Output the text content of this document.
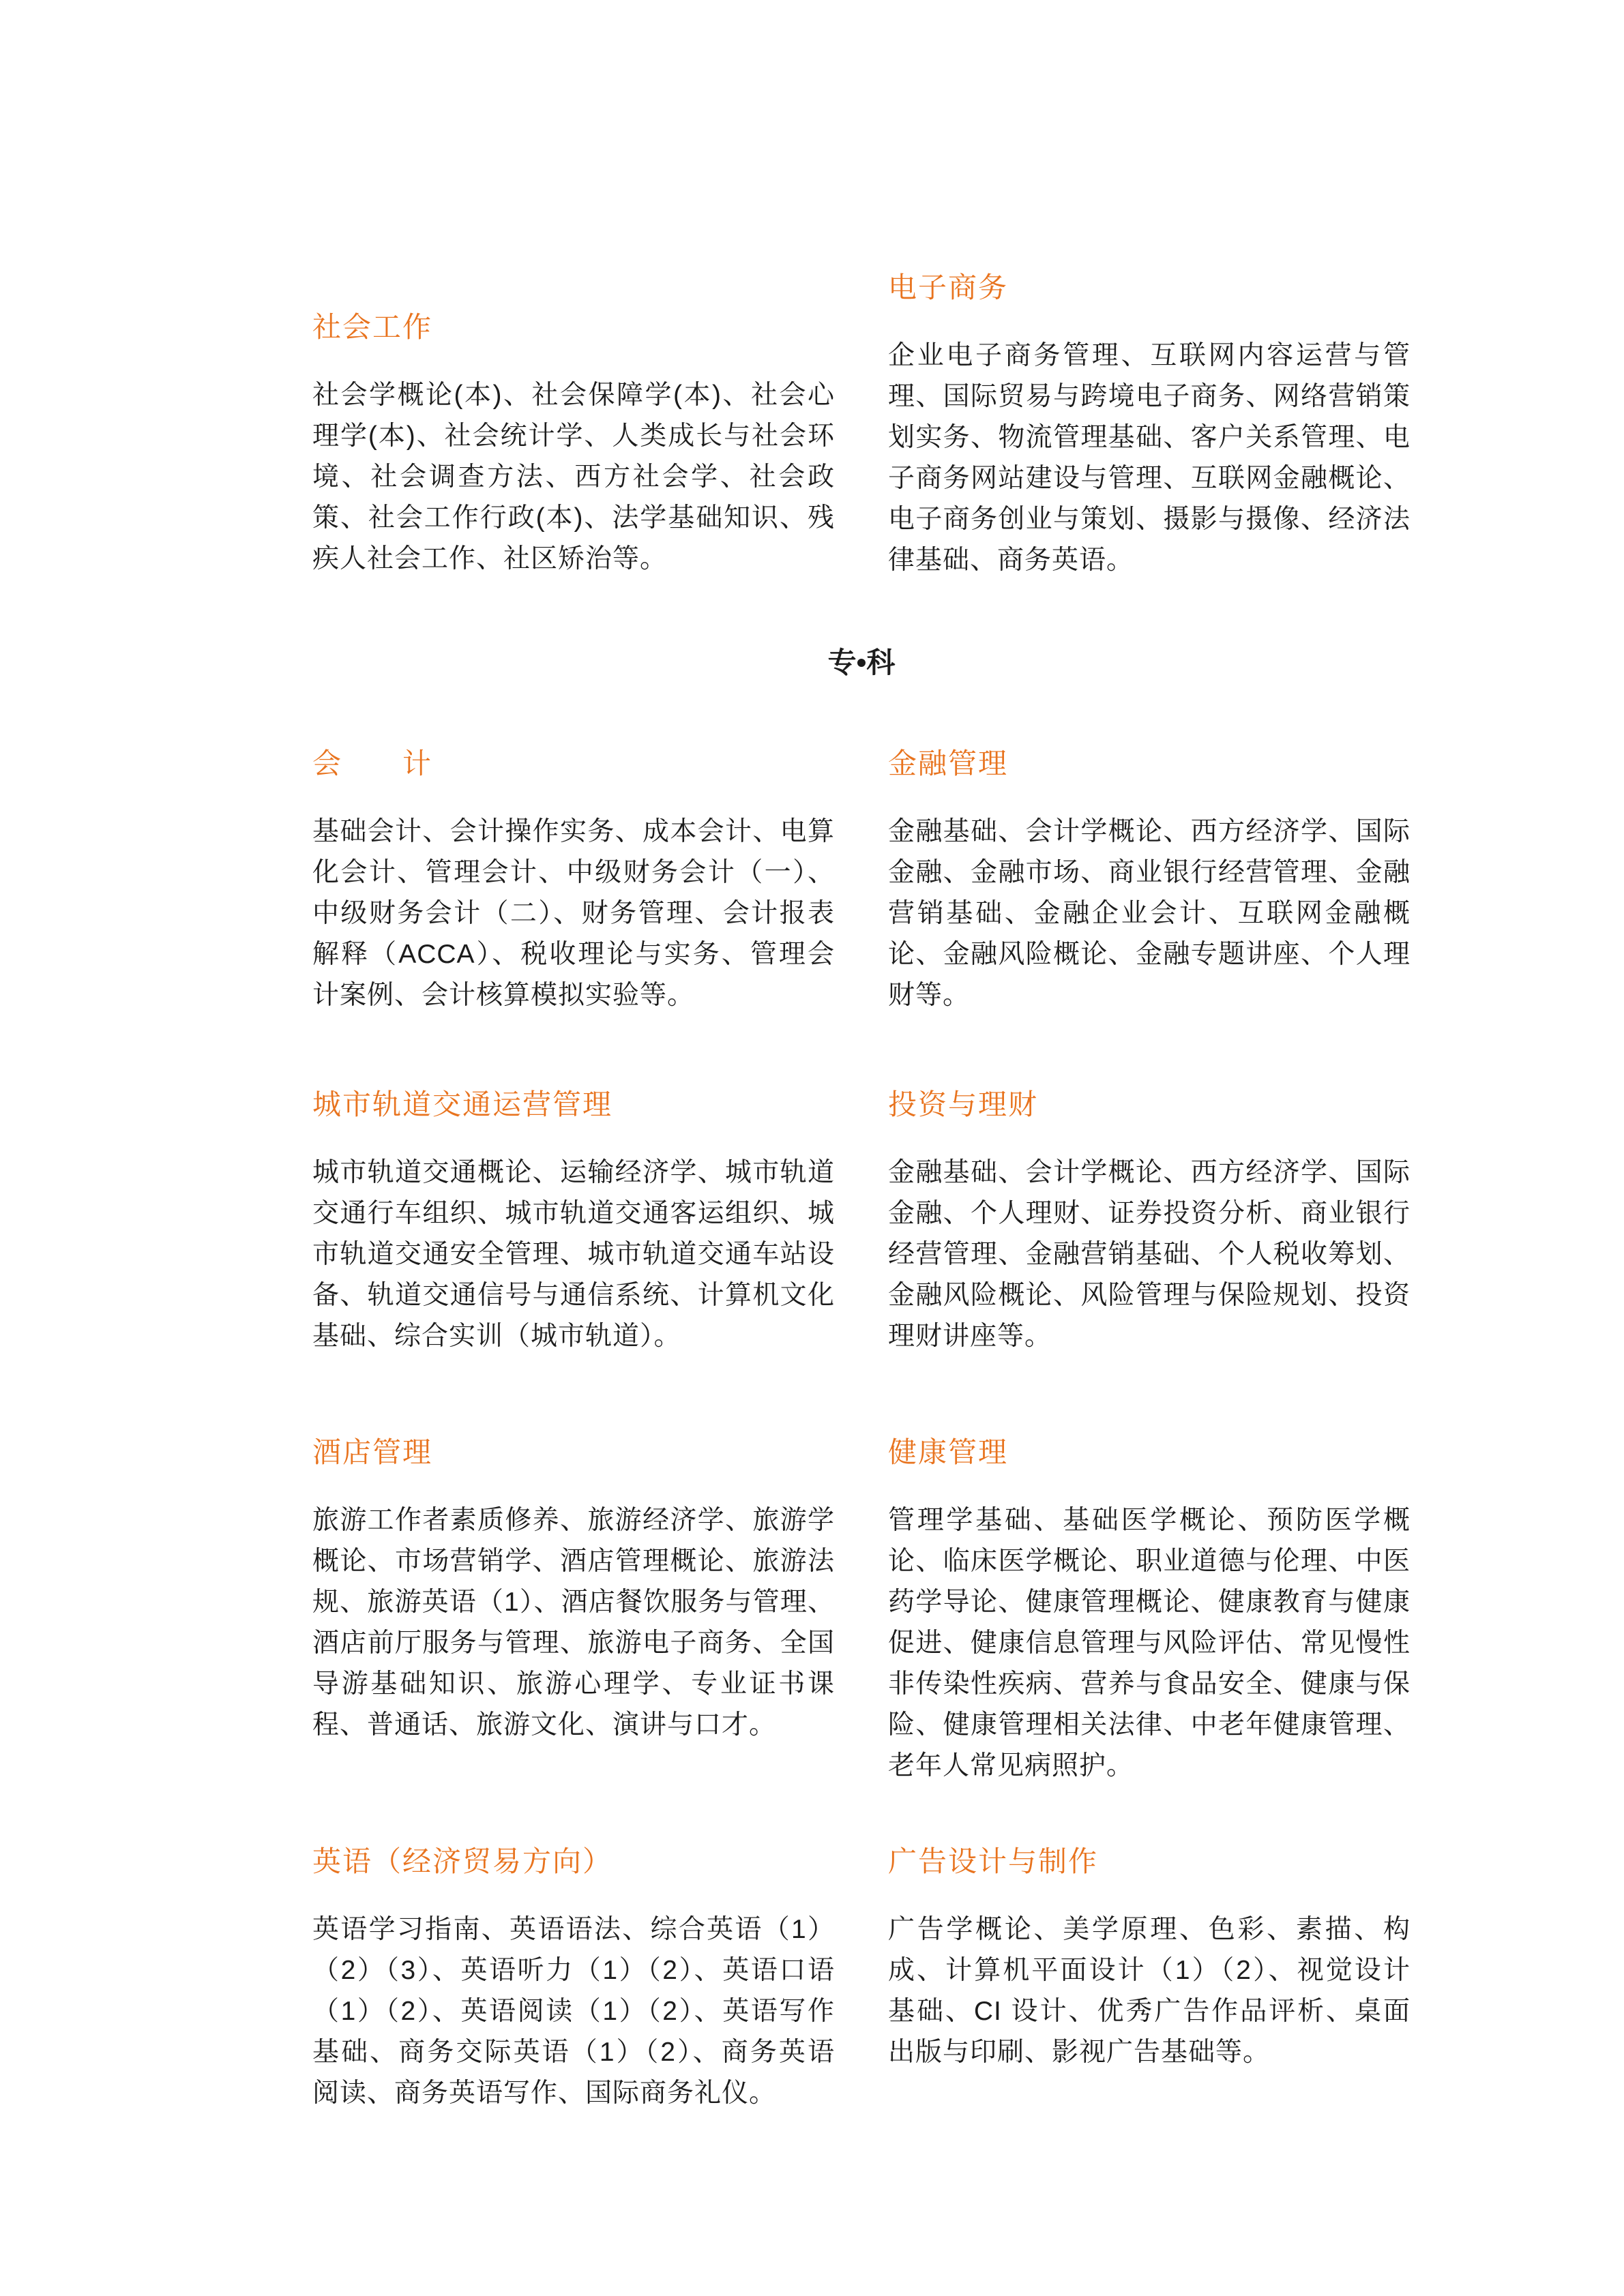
社会工作

社会学概论(本)、社会保障学(本)、社会心理学(本)、社会统计学、人类成长与社会环境、社会调查方法、西方社会学、社会政策、社会工作行政(本)、法学基础知识、残疾人社会工作、社区矫治等。

电子商务

企业电子商务管理、互联网内容运营与管理、国际贸易与跨境电子商务、网络营销策划实务、物流管理基础、客户关系管理、电子商务网站建设与管理、互联网金融概论、电子商务创业与策划、摄影与摄像、经济法律基础、商务英语。

专•科
会　　计

基础会计、会计操作实务、成本会计、电算化会计、管理会计、中级财务会计（一）、中级财务会计（二）、财务管理、会计报表解释（ACCA）、税收理论与实务、管理会计案例、会计核算模拟实验等。

金融管理

金融基础、会计学概论、西方经济学、国际金融、金融市场、商业银行经营管理、金融营销基础、金融企业会计、互联网金融概论、金融风险概论、金融专题讲座、个人理财等。

城市轨道交通运营管理

城市轨道交通概论、运输经济学、城市轨道交通行车组织、城市轨道交通客运组织、城市轨道交通安全管理、城市轨道交通车站设备、轨道交通信号与通信系统、计算机文化基础、综合实训（城市轨道）。

投资与理财

金融基础、会计学概论、西方经济学、国际金融、个人理财、证券投资分析、商业银行经营管理、金融营销基础、个人税收筹划、金融风险概论、风险管理与保险规划、投资理财讲座等。

酒店管理

旅游工作者素质修养、旅游经济学、旅游学概论、市场营销学、酒店管理概论、旅游法规、旅游英语（1）、酒店餐饮服务与管理、酒店前厅服务与管理、旅游电子商务、全国导游基础知识、旅游心理学、专业证书课程、普通话、旅游文化、演讲与口才。

健康管理

管理学基础、基础医学概论、预防医学概论、临床医学概论、职业道德与伦理、中医药学导论、健康管理概论、健康教育与健康促进、健康信息管理与风险评估、常见慢性非传染性疾病、营养与食品安全、健康与保险、健康管理相关法律、中老年健康管理、老年人常见病照护。

英语（经济贸易方向）

英语学习指南、英语语法、综合英语（1）（2）（3）、英语听力（1）（2）、英语口语（1）（2）、英语阅读（1）（2）、英语写作基础、商务交际英语（1）（2）、商务英语阅读、商务英语写作、国际商务礼仪。

广告设计与制作

广告学概论、美学原理、色彩、素描、构成、计算机平面设计（1）（2）、视觉设计基础、CI 设计、优秀广告作品评析、桌面出版与印刷、影视广告基础等。
